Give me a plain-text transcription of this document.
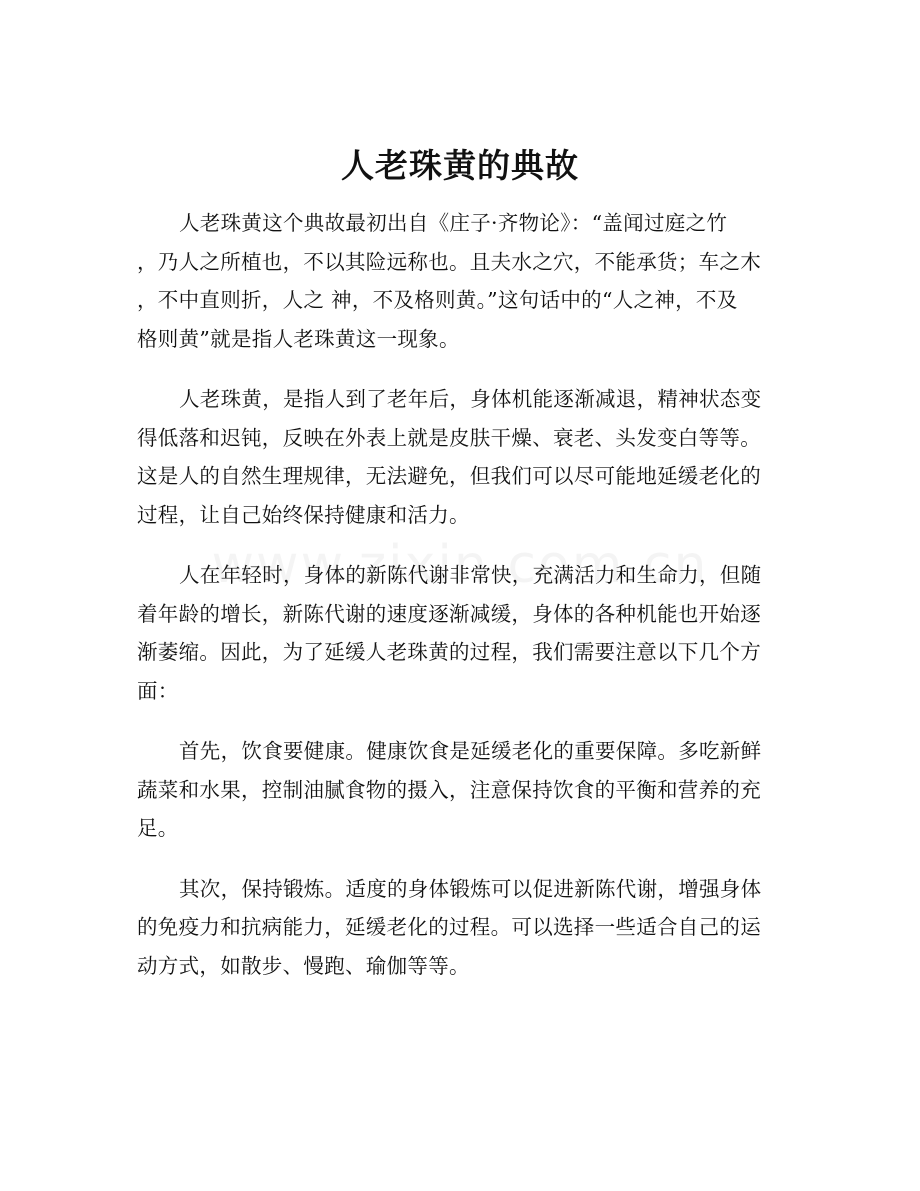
人老珠黄的典故

人老珠黄这个典故最初出自《庄子·齐物论》：“盖闻过庭之竹
，乃人之所植也，不以其险远称也。且夫水之穴，不能承货；车之木
，不中直则折，人之 神，不及格则黄。”这句话中的“人之神，不及
格则黄”就是指人老珠黄这一现象。

人老珠黄，是指人到了老年后，身体机能逐渐减退，精神状态变
得低落和迟钝，反映在外表上就是皮肤干燥、衰老、头发变白等等。
这是人的自然生理规律，无法避免，但我们可以尽可能地延缓老化的
过程，让自己始终保持健康和活力。

人在年轻时，身体的新陈代谢非常快，充满活力和生命力，但随
着年龄的增长，新陈代谢的速度逐渐减缓，身体的各种机能也开始逐
渐萎缩。因此，为了延缓人老珠黄的过程，我们需要注意以下几个方
面：

首先，饮食要健康。健康饮食是延缓老化的重要保障。多吃新鲜
蔬菜和水果，控制油腻食物的摄入，注意保持饮食的平衡和营养的充
足。

其次，保持锻炼。适度的身体锻炼可以促进新陈代谢，增强身体
的免疫力和抗病能力，延缓老化的过程。可以选择一些适合自己的运
动方式，如散步、慢跑、瑜伽等等。
